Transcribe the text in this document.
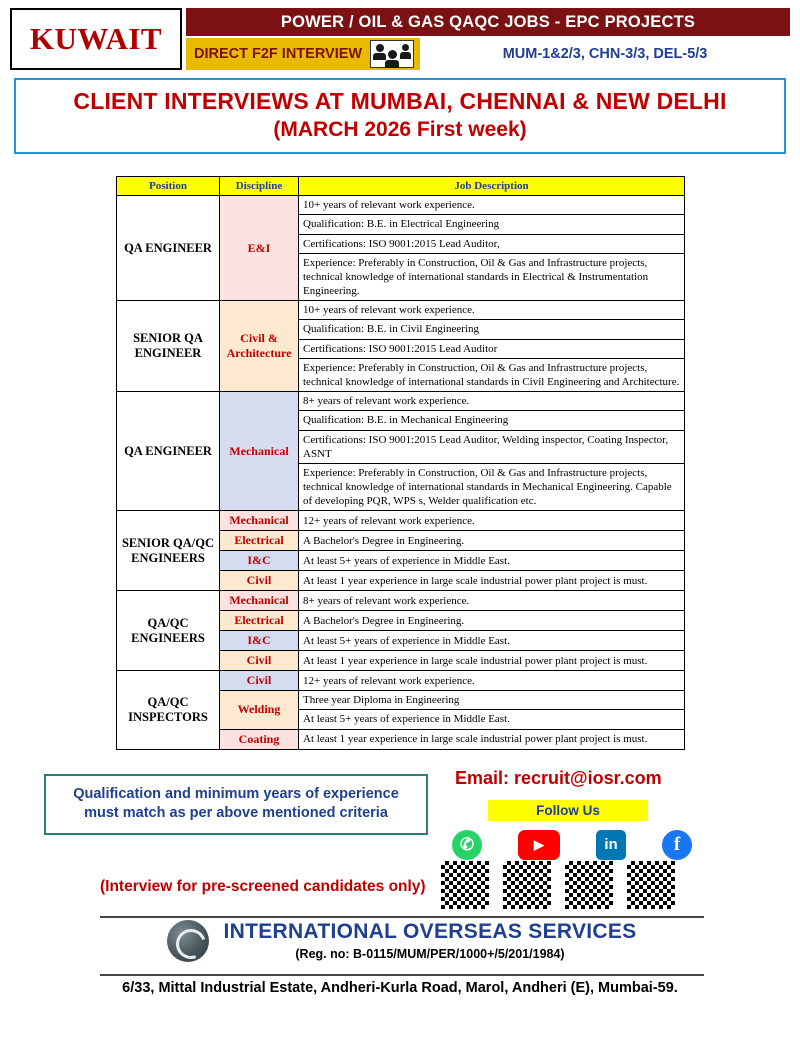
KUWAIT	POWER / OIL & GAS QAQC JOBS - EPC PROJECTS
DIRECT F2F INTERVIEW	MUM-1&2/3, CHN-3/3, DEL-5/3
CLIENT INTERVIEWS AT MUMBAI, CHENNAI & NEW DELHI
(MARCH 2026 First week)
Position	Discipline	Job Description
QA ENGINEER	E&I	10+ years of relevant work experience.
		Qualification: B.E. in Electrical Engineering
		Certifications: ISO 9001:2015 Lead Auditor,
		Experience: Preferably in Construction, Oil & Gas and Infrastructure projects, technical knowledge of international standards in Electrical & Instrumentation Engineering.
SENIOR QA ENGINEER	Civil & Architecture	10+ years of relevant work experience.
		Qualification: B.E. in Civil Engineering
		Certifications: ISO 9001:2015 Lead Auditor
		Experience: Preferably in Construction, Oil & Gas and Infrastructure projects, technical knowledge of international standards in Civil Engineering and Architecture.
QA ENGINEER	Mechanical	8+ years of relevant work experience.
		Qualification: B.E. in Mechanical Engineering
		Certifications: ISO 9001:2015 Lead Auditor, Welding inspector, Coating Inspector, ASNT
		Experience: Preferably in Construction, Oil & Gas and Infrastructure projects, technical knowledge of international standards in Mechanical Engineering. Capable of developing PQR, WPS s, Welder qualification etc.
SENIOR QA/QC ENGINEERS	Mechanical	12+ years of relevant work experience.
	Electrical	A Bachelor's Degree in Engineering.
	I&C	At least 5+ years of experience in Middle East.
	Civil	At least 1 year experience in large scale industrial power plant project is must.
QA/QC ENGINEERS	Mechanical	8+ years of relevant work experience.
	Electrical	A Bachelor's Degree in Engineering.
	I&C	At least 5+ years of experience in Middle East.
	Civil	At least 1 year experience in large scale industrial power plant project is must.
QA/QC INSPECTORS	Civil	12+ years of relevant work experience.
	Welding	Three year Diploma in Engineering
		At least 5+ years of experience in Middle East.
	Coating	At least 1 year experience in large scale industrial power plant project is must.
Qualification and minimum years of experience
must match as per above mentioned criteria
Email: recruit@iosr.com
Follow Us
✆	▶	in	f
(Interview for pre-screened candidates only)
INTERNATIONAL OVERSEAS SERVICES
(Reg. no: B-0115/MUM/PER/1000+/5/201/1984)
6/33, Mittal Industrial Estate, Andheri-Kurla Road, Marol, Andheri (E), Mumbai-59.
